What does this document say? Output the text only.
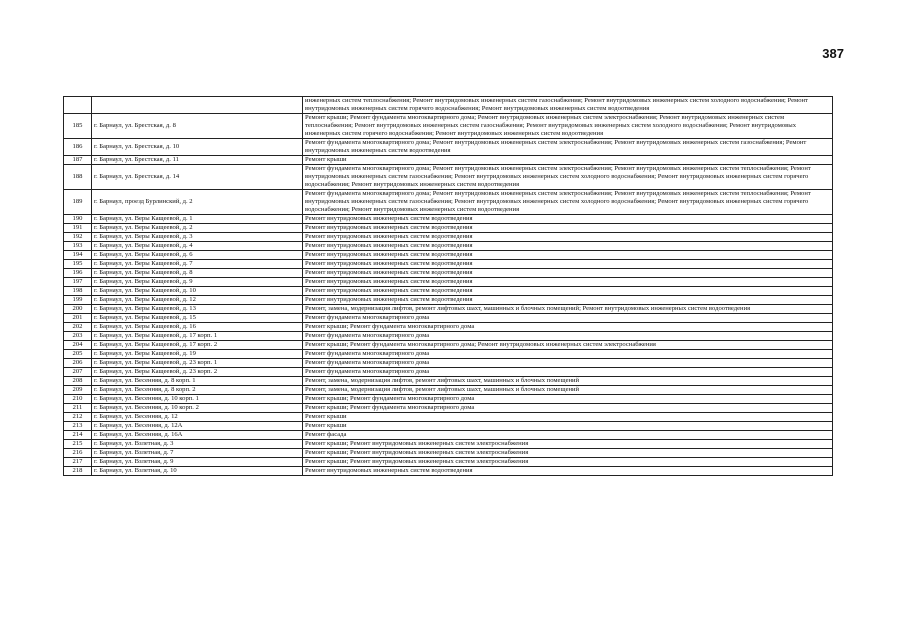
387
		инженерных систем теплоснабжения; Ремонт внутридомовых инженерных систем газоснабжения; Ремонт внутридомовых инженерных систем холодного водоснабжения; Ремонт внутридомовых инженерных систем горячего водоснабжения; Ремонт внутридомовых инженерных систем водоотведения
185	г. Барнаул, ул. Брестская, д. 8	Ремонт крыши; Ремонт фундамента многоквартирного дома; Ремонт внутридомовых инженерных систем электроснабжения; Ремонт внутридомовых инженерных систем теплоснабжения; Ремонт внутридомовых инженерных систем газоснабжения; Ремонт внутридомовых инженерных систем холодного водоснабжения; Ремонт внутридомовых инженерных систем горячего водоснабжения; Ремонт внутридомовых инженерных систем водоотведения
186	г. Барнаул, ул. Брестская, д. 10	Ремонт фундамента многоквартирного дома; Ремонт внутридомовых инженерных систем электроснабжения; Ремонт внутридомовых инженерных систем газоснабжения; Ремонт внутридомовых инженерных систем водоотведения
187	г. Барнаул, ул. Брестская, д. 11	Ремонт крыши
188	г. Барнаул, ул. Брестская, д. 14	Ремонт фундамента многоквартирного дома; Ремонт внутридомовых инженерных систем электроснабжения; Ремонт внутридомовых инженерных систем теплоснабжения; Ремонт внутридомовых инженерных систем газоснабжения; Ремонт внутридомовых инженерных систем холодного водоснабжения; Ремонт внутридомовых инженерных систем горячего водоснабжения; Ремонт внутридомовых инженерных систем водоотведения
189	г. Барнаул, проезд Бурлинский, д. 2	Ремонт фундамента многоквартирного дома; Ремонт внутридомовых инженерных систем электроснабжения; Ремонт внутридомовых инженерных систем теплоснабжения; Ремонт внутридомовых инженерных систем газоснабжения; Ремонт внутридомовых инженерных систем холодного водоснабжения; Ремонт внутридомовых инженерных систем горячего водоснабжения; Ремонт внутридомовых инженерных систем водоотведения
190	г. Барнаул, ул. Веры Кащеевой, д. 1	Ремонт внутридомовых инженерных систем водоотведения
191	г. Барнаул, ул. Веры Кащеевой, д. 2	Ремонт внутридомовых инженерных систем водоотведения
192	г. Барнаул, ул. Веры Кащеевой, д. 3	Ремонт внутридомовых инженерных систем водоотведения
193	г. Барнаул, ул. Веры Кащеевой, д. 4	Ремонт внутридомовых инженерных систем водоотведения
194	г. Барнаул, ул. Веры Кащеевой, д. 6	Ремонт внутридомовых инженерных систем водоотведения
195	г. Барнаул, ул. Веры Кащеевой, д. 7	Ремонт внутридомовых инженерных систем водоотведения
196	г. Барнаул, ул. Веры Кащеевой, д. 8	Ремонт внутридомовых инженерных систем водоотведения
197	г. Барнаул, ул. Веры Кащеевой, д. 9	Ремонт внутридомовых инженерных систем водоотведения
198	г. Барнаул, ул. Веры Кащеевой, д. 10	Ремонт внутридомовых инженерных систем водоотведения
199	г. Барнаул, ул. Веры Кащеевой, д. 12	Ремонт внутридомовых инженерных систем водоотведения
200	г. Барнаул, ул. Веры Кащеевой, д. 13	Ремонт, замена, модернизация лифтов, ремонт лифтовых шахт, машинных и блочных помещений; Ремонт внутридомовых инженерных систем водоотведения
201	г. Барнаул, ул. Веры Кащеевой, д. 15	Ремонт фундамента многоквартирного дома
202	г. Барнаул, ул. Веры Кащеевой, д. 16	Ремонт крыши; Ремонт фундамента многоквартирного дома
203	г. Барнаул, ул. Веры Кащеевой, д. 17 корп. 1	Ремонт фундамента многоквартирного дома
204	г. Барнаул, ул. Веры Кащеевой, д. 17 корп. 2	Ремонт крыши; Ремонт фундамента многоквартирного дома; Ремонт внутридомовых инженерных систем электроснабжения
205	г. Барнаул, ул. Веры Кащеевой, д. 19	Ремонт фундамента многоквартирного дома
206	г. Барнаул, ул. Веры Кащеевой, д. 23 корп. 1	Ремонт фундамента многоквартирного дома
207	г. Барнаул, ул. Веры Кащеевой, д. 23 корп. 2	Ремонт фундамента многоквартирного дома
208	г. Барнаул, ул. Весенняя, д. 8 корп. 1	Ремонт, замена, модернизация лифтов, ремонт лифтовых шахт, машинных и блочных помещений
209	г. Барнаул, ул. Весенняя, д. 8 корп. 2	Ремонт, замена, модернизация лифтов, ремонт лифтовых шахт, машинных и блочных помещений
210	г. Барнаул, ул. Весенняя, д. 10 корп. 1	Ремонт крыши; Ремонт фундамента многоквартирного дома
211	г. Барнаул, ул. Весенняя, д. 10 корп. 2	Ремонт крыши; Ремонт фундамента многоквартирного дома
212	г. Барнаул, ул. Весенняя, д. 12	Ремонт крыши
213	г. Барнаул, ул. Весенняя, д. 12А	Ремонт крыши
214	г. Барнаул, ул. Весенняя, д. 16А	Ремонт фасада
215	г. Барнаул, ул. Взлетная, д. 3	Ремонт крыши; Ремонт внутридомовых инженерных систем электроснабжения
216	г. Барнаул, ул. Взлетная, д. 7	Ремонт крыши; Ремонт внутридомовых инженерных систем электроснабжения
217	г. Барнаул, ул. Взлетная, д. 9	Ремонт крыши; Ремонт внутридомовых инженерных систем электроснабжения
218	г. Барнаул, ул. Взлетная, д. 10	Ремонт внутридомовых инженерных систем водоотведения
